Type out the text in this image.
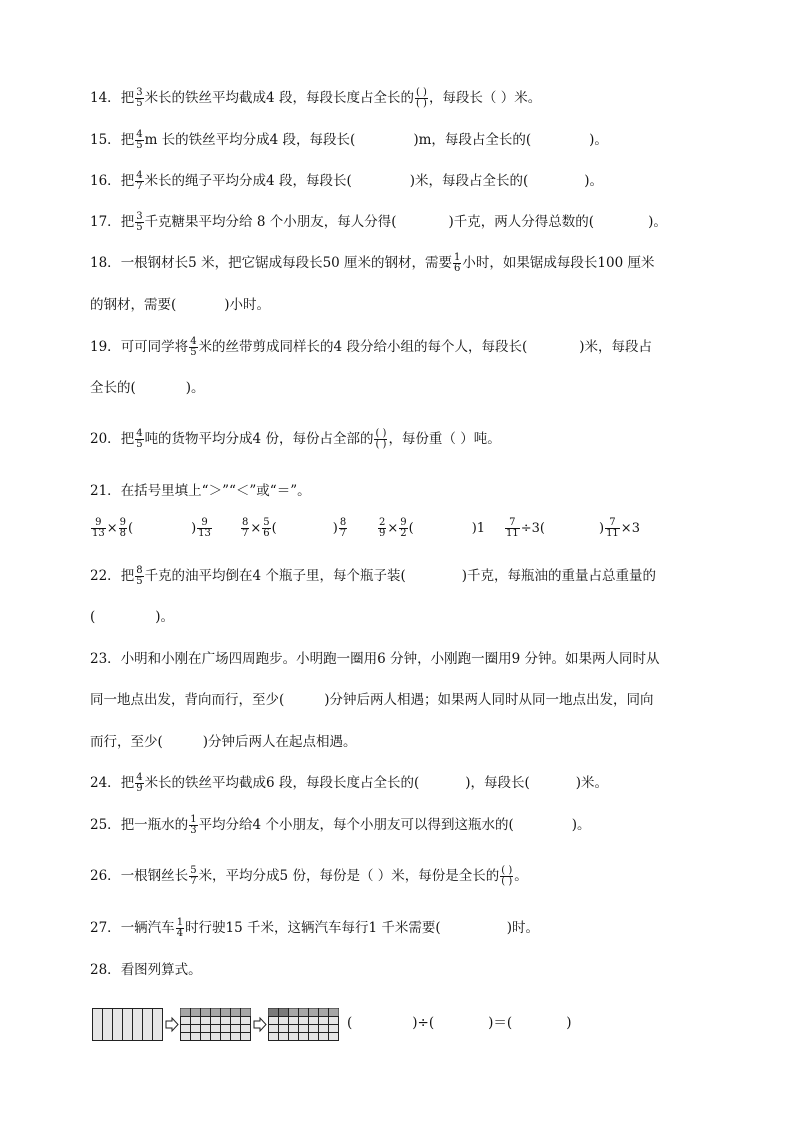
14．把 $\frac{3}{5}$ 米长的铁丝平均截成4 段，每段长度占全长的 ( )
( ) ，每段长（ ）米。
15．把 $\frac{4}{5}$ m 长的铁丝平均分成4 段，每段长(	)m，每段占全长的(	)。
16．把 $\frac{4}{7}$ 米长的绳子平均分成4 段，每段长(	)米，每段占全长的(	)。
17．把 $\frac{3}{5}$ 千克糖果平均分给 8 个小朋友，每人分得(	)千克，两人分得总数的(	)。
18．一根钢材长5 米，把它锯成每段长50 厘米的钢材，需要 $\frac{1}{6}$ 小时，如果锯成每段长100 厘米
的钢材，需要(	)小时。
19．可可同学将 $\frac{4}{5}$ 米的丝带剪成同样长的4 段分给小组的每个人，每段长(	)米，每段占
全长的(	)。
20．把 $\frac{4}{5}$ 吨的货物平均分成4 份，每份占全部的 ( )
( ) ，每份重（ ）吨。
21．在括号里填上“＞”“＜”或“＝”。
$\frac{9}{13} \times \frac{9}{8}$ (	) $\frac{9}{13}$	$\frac{8}{7} \times \frac{5}{6}$ (	) $\frac{8}{7}$	$\frac{2}{9} \times \frac{9}{2}$ (	)$1 \frac{7}{11} \div 3$(	) $\frac{7}{11} \times 3$
22．把 $\frac{8}{5}$ 千克的油平均倒在4 个瓶子里，每个瓶子装(	)千克，每瓶油的重量占总重量的
(	)。
23．小明和小刚在广场四周跑步。小明跑一圈用6 分钟，小刚跑一圈用9 分钟。如果两人同时从
同一地点出发，背向而行，至少(	)分钟后两人相遇；如果两人同时从同一地点出发，同向
而行，至少(	)分钟后两人在起点相遇。
24．把 $\frac{4}{9}$ 米长的铁丝平均截成6 段，每段长度占全长的(	)，每段长(	)米。
25．把一瓶水的 $\frac{1}{3}$ 平均分给4 个小朋友，每个小朋友可以得到这瓶水的(	)。
26．一根钢丝长 $\frac{5}{7}$ 米，平均分成5 份，每份是（ ）米，每份是全长的 ( )
( ) 。
27．一辆汽车 $\frac{1}{4}$ 时行驶15 千米，这辆汽车每行1 千米需要(	)时。
28．看图列算式。
(	)÷(	)＝(	)
